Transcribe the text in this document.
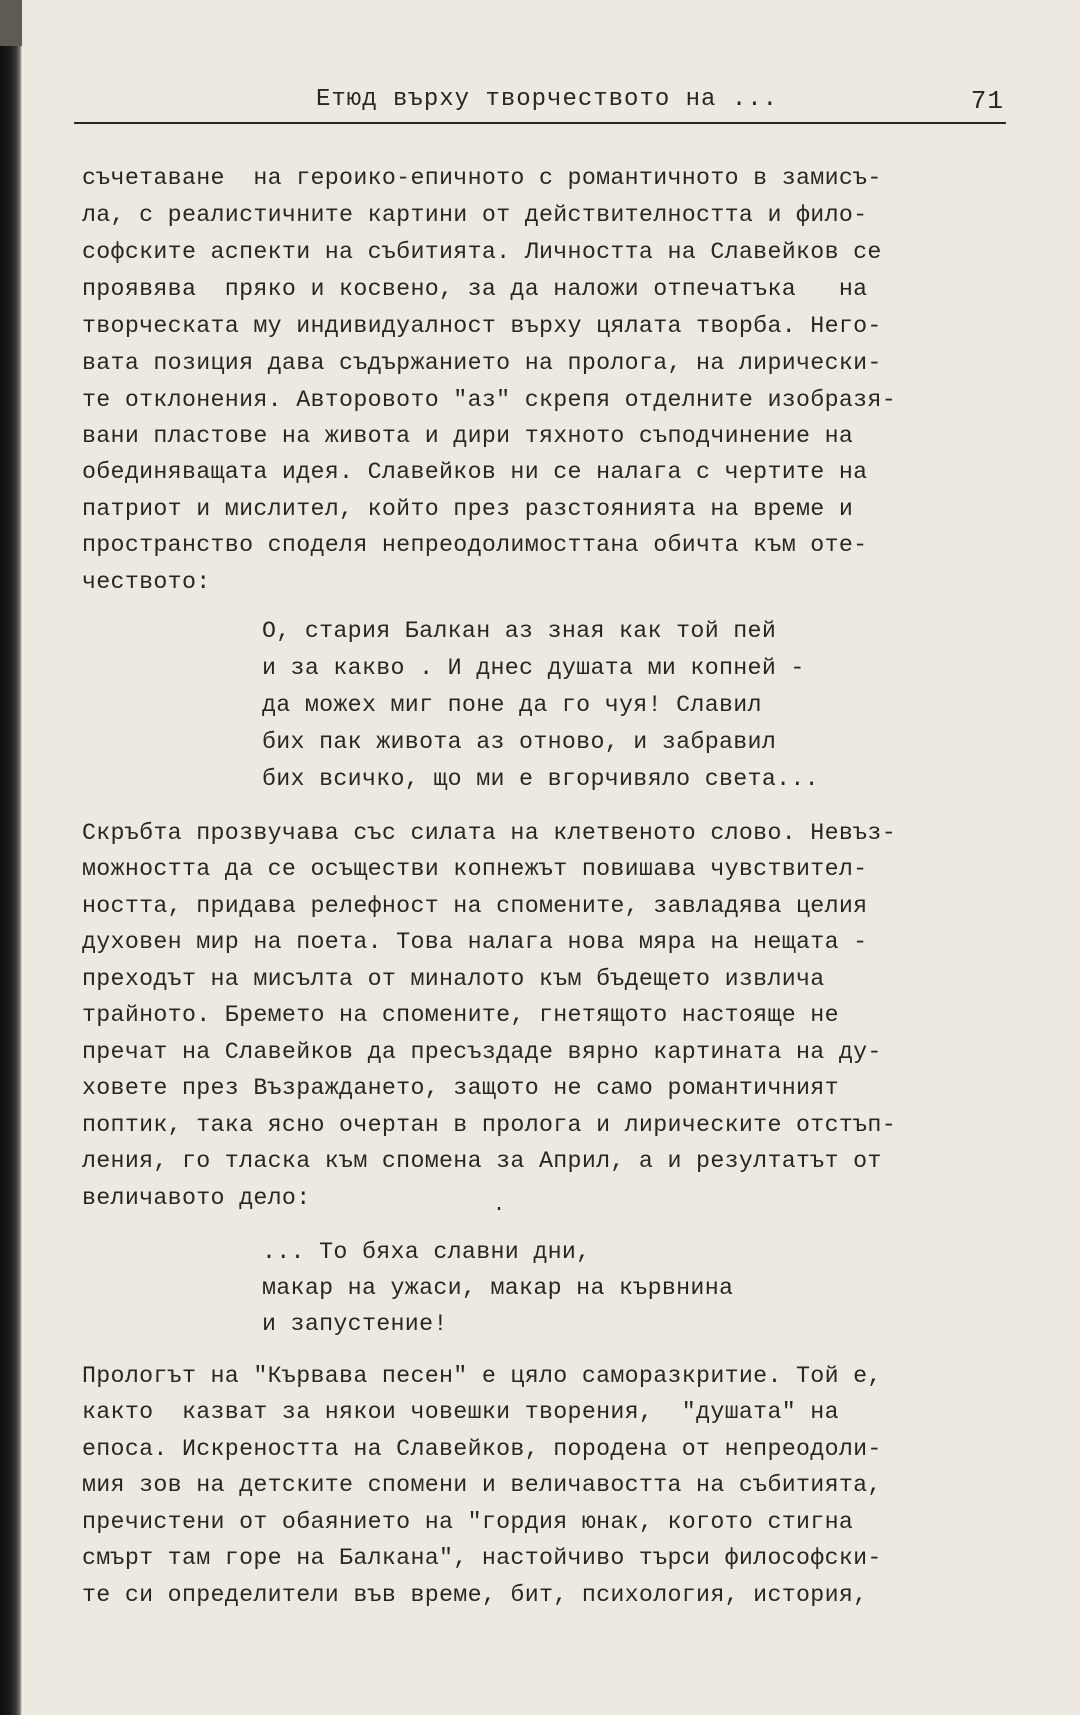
Етюд върху творчеството на ...	71
съчетаване  на героико-епичното с романтичното в замисъ-
ла, с реалистичните картини от действителността и фило-
софските аспекти на събитията. Личността на Славейков се
проявява  пряко и косвено, за да наложи отпечатъка   на
творческата му индивидуалност върху цялата творба. Него-
вата позиция дава съдържанието на пролога, на лирически-
те отклонения. Авторовото "аз" скрепя отделните изобразя-
вани пластове на живота и дири тяхното съподчинение на
обединяващата идея. Славейков ни се налага с чертите на
патриот и мислител, който през разстоянията на време и
пространство споделя непреодолимосттана обичта към оте-
чеството:
О, стария Балкан аз зная как той пей
и за какво . И днес душата ми копней -
да можех миг поне да го чуя! Славил
бих пак живота аз отново, и забравил
бих всичко, що ми е вгорчивяло света...
Скръбта прозвучава със силата на клетвеното слово. Невъз-
можността да се осъществи копнежът повишава чувствител-
ността, придава релефност на спомените, завладява целия
духовен мир на поета. Това налага нова мяра на нещата -
преходът на мисълта от миналото към бъдещето извлича
трайното. Бремето на спомените, гнетящото настояще не
пречат на Славейков да пресъздаде вярно картината на ду-
ховете през Възраждането, защото не само романтичният
поптик, така ясно очертан в пролога и лирическите отстъп-
ления, го тласка към спомена за Април, а и резултатът от
величавото дело:	.
... То бяха славни дни,
макар на ужаси, макар на кървнина
и запустение!
Прологът на "Кървава песен" е цяло саморазкритие. Той е,
както  казват за някои човешки творения,  "душата" на
епоса. Искреността на Славейков, породена от непреодоли-
мия зов на детските спомени и величавостта на събитията,
пречистени от обаянието на "гордия юнак, когото стигна
смърт там горе на Балкана", настойчиво търси философски-
те си определители във време, бит, психология, история,
